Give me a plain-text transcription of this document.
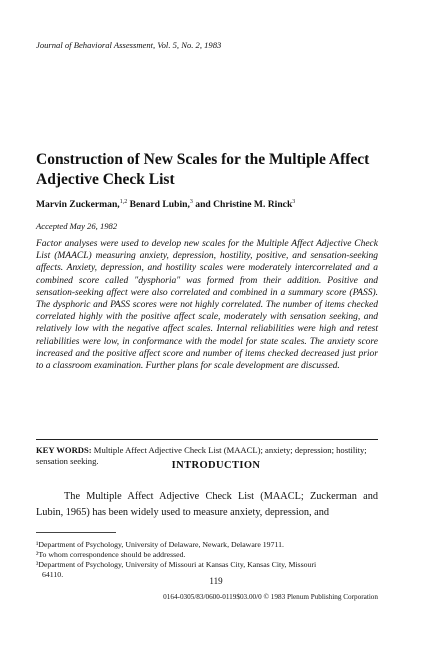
Journal of Behavioral Assessment, Vol. 5, No. 2, 1983
Construction of New Scales for the Multiple Affect
Adjective Check List
Marvin Zuckerman,$^{1,2}$ Benard Lubin,$^3$ and Christine M. Rinck$^3$
Accepted May 26, 1982
Factor analyses were used to develop new scales for the Multiple Affect Adjective Check List (MAACL) measuring anxiety, depression, hostility, positive, and sensation-seeking affects. Anxiety, depression, and hostility scales were moderately intercorrelated and a combined score called "dysphoria" was formed from their addition. Positive and sensation-seeking affect were also correlated and combined in a summary score (PASS). The dysphoric and PASS scores were not highly correlated. The number of items checked correlated highly with the positive affect scale, moderately with sensation seeking, and relatively low with the negative affect scales. Internal reliabilities were high and retest reliabilities were low, in conformance with the model for state scales. The anxiety score increased and the positive affect score and number of items checked decreased just prior to a classroom examination. Further plans for scale development are discussed.
KEY WORDS: Multiple Affect Adjective Check List (MAACL); anxiety; depression; hostility; sensation seeking.	INTRODUCTION
The Multiple Affect Adjective Check List (MAACL; Zuckerman and Lubin, 1965) has been widely used to measure anxiety, depression, and
¹Department of Psychology, University of Delaware, Newark, Delaware 19711.
²To whom correspondence should be addressed.
³Department of Psychology, University of Missouri at Kansas City, Kansas City, Missouri
64110.
119
0164-0305/83/0600-0119$03.00/0 © 1983 Plenum Publishing Corporation
